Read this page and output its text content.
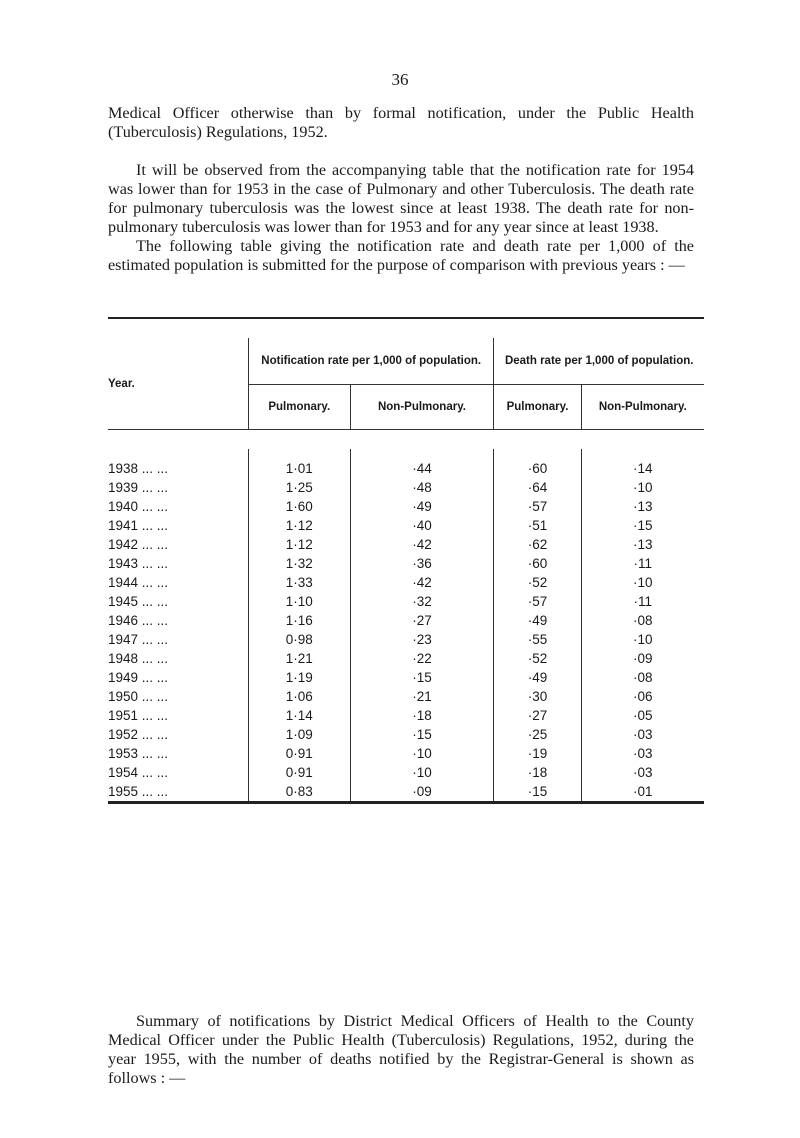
36

Medical Officer otherwise than by formal notification, under the Public Health (Tuberculosis) Regulations, 1952.

It will be observed from the accompanying table that the notification rate for 1954 was lower than for 1953 in the case of Pulmonary and other Tuberculosis. The death rate for pulmonary tuberculosis was the lowest since at least 1938. The death rate for non-pulmonary tuberculosis was lower than for 1953 and for any year since at least 1938.

The following table giving the notification rate and death rate per 1,000 of the estimated population is submitted for the purpose of comparison with previous years : —

Year.	Notification rate per 1,000 of population.		Death rate per 1,000 of population.	
	Pulmonary.	Non-Pulmonary.	Pulmonary.	Non-Pulmonary.

1938 ... ...	1·01	·44	·60	·14
1939 ... ...	1·25	·48	·64	·10
1940 ... ...	1·60	·49	·57	·13
1941 ... ...	1·12	·40	·51	·15
1942 ... ...	1·12	·42	·62	·13
1943 ... ...	1·32	·36	·60	·11
1944 ... ...	1·33	·42	·52	·10
1945 ... ...	1·10	·32	·57	·11
1946 ... ...	1·16	·27	·49	·08
1947 ... ...	0·98	·23	·55	·10
1948 ... ...	1·21	·22	·52	·09
1949 ... ...	1·19	·15	·49	·08
1950 ... ...	1·06	·21	·30	·06
1951 ... ...	1·14	·18	·27	·05
1952 ... ...	1·09	·15	·25	·03
1953 ... ...	0·91	·10	·19	·03
1954 ... ...	0·91	·10	·18	·03
1955 ... ...	0·83	·09	·15	·01

Summary of notifications by District Medical Officers of Health to the County Medical Officer under the Public Health (Tuberculosis) Regulations, 1952, during the year 1955, with the number of deaths notified by the Registrar-General is shown as follows : —
